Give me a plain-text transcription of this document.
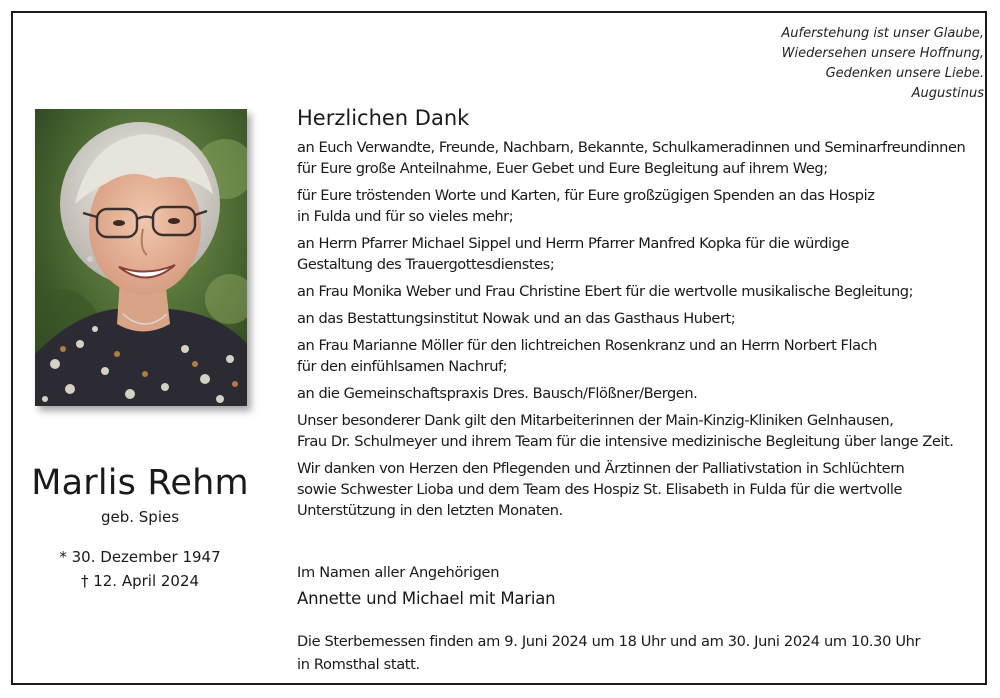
Auferstehung ist unser Glaube,
Wiedersehen unsere Hoffnung,
Gedenken unsere Liebe.
Augustinus
Marlis Rehm
geb. Spies
* 30. Dezember 1947
† 12. April 2024
Herzlichen Dank
an Euch Verwandte, Freunde, Nachbarn, Bekannte, Schulkameradinnen und Seminarfreundinnen
für Eure große Anteilnahme, Euer Gebet und Eure Begleitung auf ihrem Weg;
für Eure tröstenden Worte und Karten, für Eure großzügigen Spenden an das Hospiz
in Fulda und für so vieles mehr;
an Herrn Pfarrer Michael Sippel und Herrn Pfarrer Manfred Kopka für die würdige
Gestaltung des Trauergottesdienstes;
an Frau Monika Weber und Frau Christine Ebert für die wertvolle musikalische Begleitung;
an das Bestattungsinstitut Nowak und an das Gasthaus Hubert;
an Frau Marianne Möller für den lichtreichen Rosenkranz und an Herrn Norbert Flach
für den einfühlsamen Nachruf;
an die Gemeinschaftspraxis Dres. Bausch/Flößner/Bergen.
Unser besonderer Dank gilt den Mitarbeiterinnen der Main-Kinzig-Kliniken Gelnhausen,
Frau Dr. Schulmeyer und ihrem Team für die intensive medizinische Begleitung über lange Zeit.
Wir danken von Herzen den Pflegenden und Ärztinnen der Palliativstation in Schlüchtern
sowie Schwester Lioba und dem Team des Hospiz St. Elisabeth in Fulda für die wertvolle
Unterstützung in den letzten Monaten.
Im Namen aller Angehörigen
Annette und Michael mit Marian
Die Sterbemessen finden am 9. Juni 2024 um 18 Uhr und am 30. Juni 2024 um 10.30 Uhr
in Romsthal statt.
